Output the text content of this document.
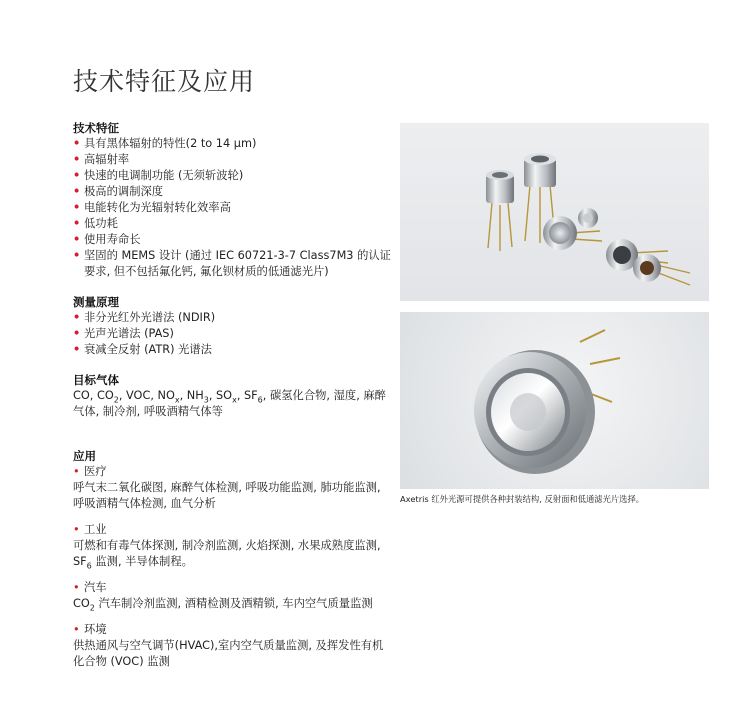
技术特征及应用
技术特征
• 具有黑体辐射的特性(2 to 14 µm)
• 高辐射率
• 快速的电调制功能 (无须斩波轮)
• 极高的调制深度
• 电能转化为光辐射转化效率高
• 低功耗
• 使用寿命长
• 坚固的 MEMS 设计 (通过 IEC 60721-3-7 Class7M3 的认证要求, 但不包括氟化钙, 氟化钡材质的低通滤光片)
测量原理
• 非分光红外光谱法 (NDIR)
• 光声光谱法 (PAS)
• 衰减全反射 (ATR) 光谱法
目标气体
CO, $CO_2$, VOC, $NO_x$, $NH_3$, $SO_x$, $SF_6$, 碳氢化合物, 湿度, 麻醉气体, 制冷剂, 呼吸酒精气体等
应用
• 医疗
呼气末二氧化碳图, 麻醉气体检测, 呼吸功能监测, 肺功能监测, 呼吸酒精气体检测, 血气分析
• 工业
可燃和有毒气体探测, 制冷剂监测, 火焰探测, 水果成熟度监测, $SF_6$ 监测, 半导体制程。
• 汽车
$CO_2$ 汽车制冷剂监测, 酒精检测及酒精锁, 车内空气质量监测
• 环境
供热通风与空气调节(HVAC),室内空气质量监测, 及挥发性有机化合物 (VOC) 监测
Axetris 红外光源可提供各种封装结构, 反射面和低通滤光片选择。
